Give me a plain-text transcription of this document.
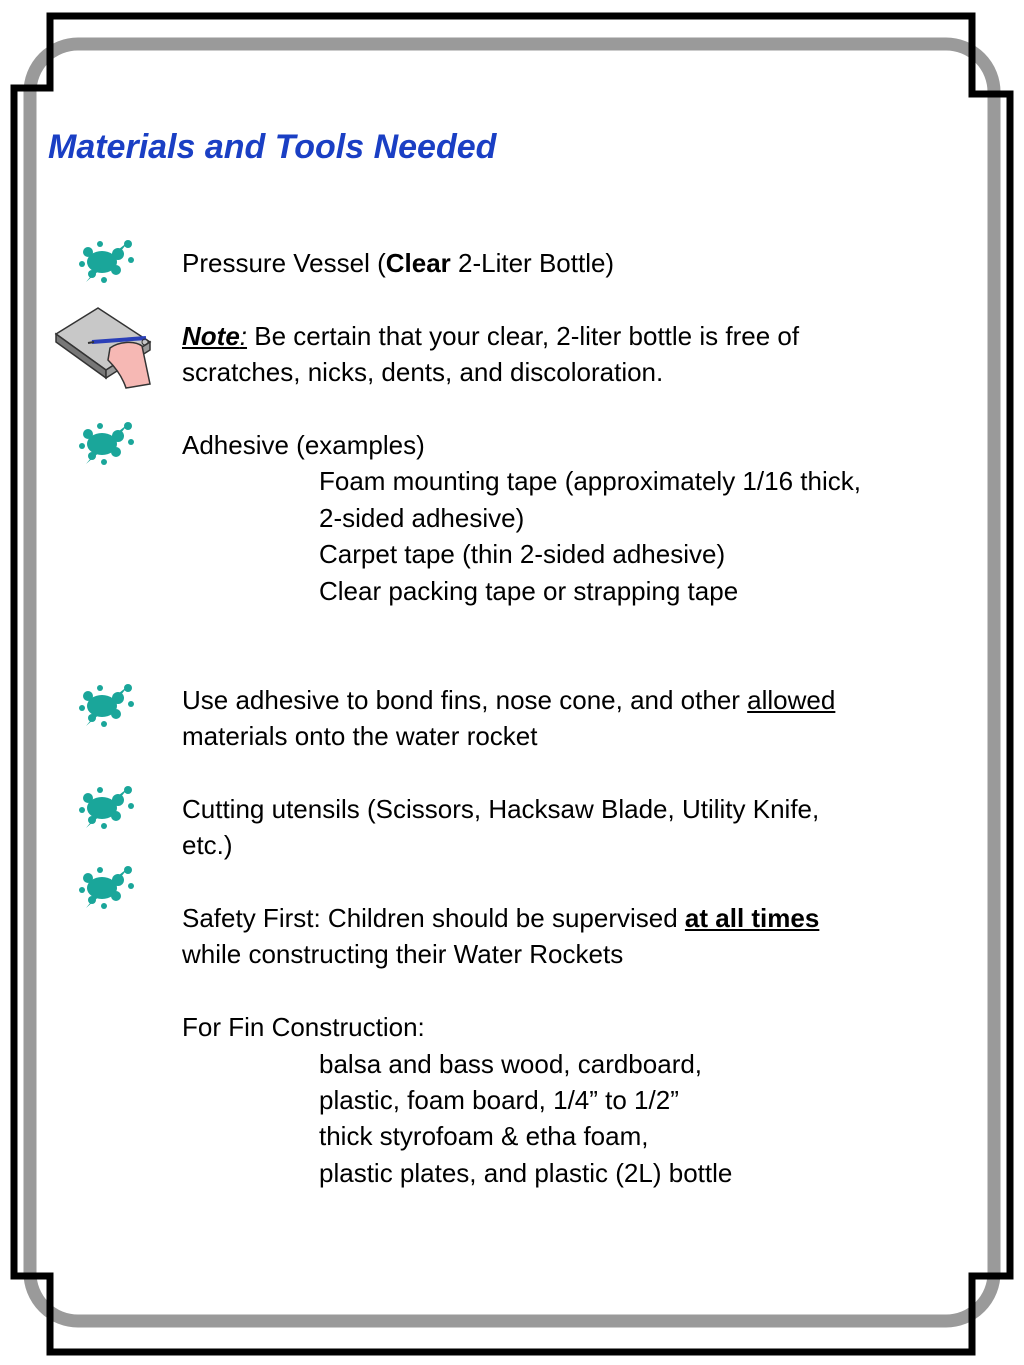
Materials and Tools Needed
Pressure Vessel (Clear 2-Liter Bottle)
Note: Be certain that your clear, 2-liter bottle is free of
scratches, nicks, dents, and discoloration.
Adhesive (examples)
Foam mounting tape (approximately 1/16 thick,
2-sided adhesive)
Carpet tape (thin 2-sided adhesive)
Clear packing tape or strapping tape
Use adhesive to bond fins, nose cone, and other allowed
materials onto the water rocket
Cutting utensils (Scissors, Hacksaw Blade, Utility Knife,
etc.)
Safety First: Children should be supervised at all times
while constructing their Water Rockets
For Fin Construction:
balsa and bass wood, cardboard,
plastic, foam board, 1/4” to 1/2”
thick styrofoam & etha foam,
plastic plates, and plastic (2L) bottle
